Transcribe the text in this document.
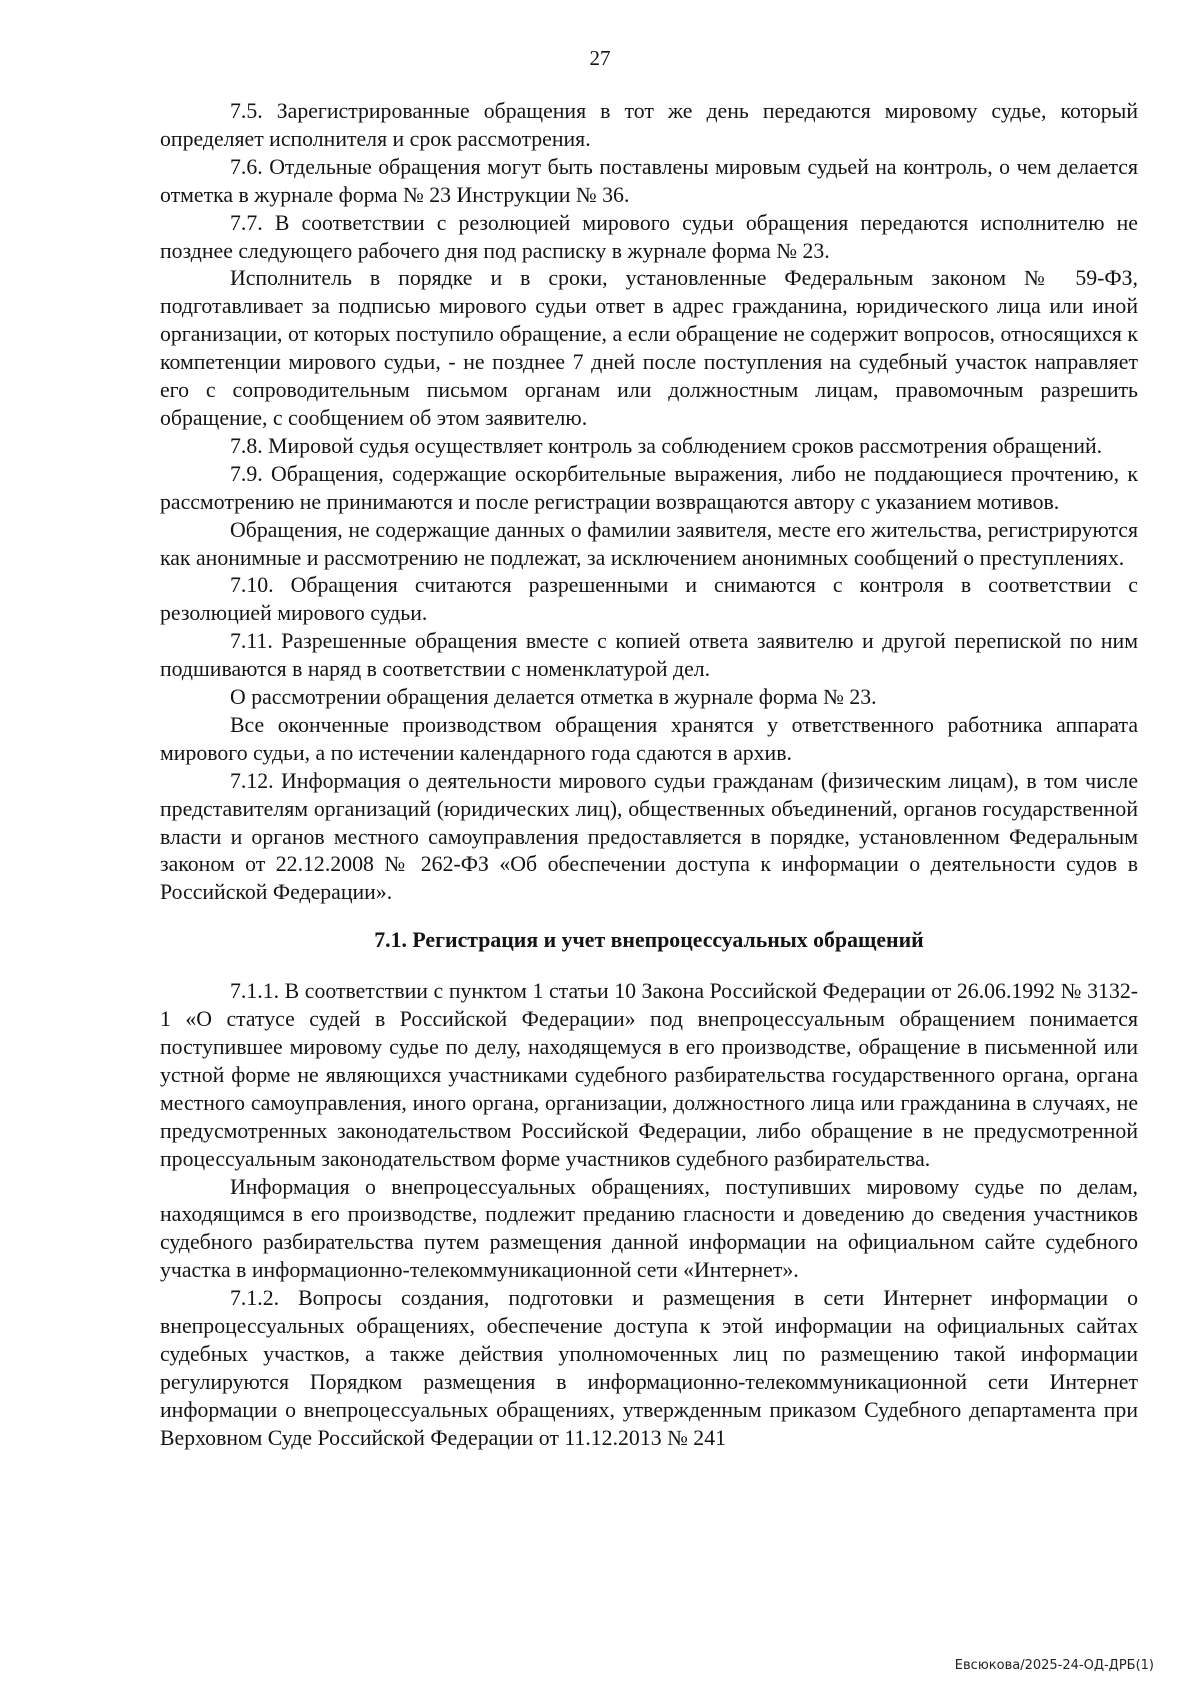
27

7.5. Зарегистрированные обращения в тот же день передаются мировому судье, который определяет исполнителя и срок рассмотрения.

7.6. Отдельные обращения могут быть поставлены мировым судьей на контроль, о чем делается отметка в журнале форма № 23 Инструкции № 36.

7.7. В соответствии с резолюцией мирового судьи обращения передаются исполнителю не позднее следующего рабочего дня под расписку в журнале форма № 23.

Исполнитель в порядке и в сроки, установленные Федеральным законом № 59-ФЗ, подготавливает за подписью мирового судьи ответ в адрес гражданина, юридического лица или иной организации, от которых поступило обращение, а если обращение не содержит вопросов, относящихся к компетенции мирового судьи, - не позднее 7 дней после поступления на судебный участок направляет его с сопроводительным письмом органам или должностным лицам, правомочным разрешить обращение, с сообщением об этом заявителю.

7.8. Мировой судья осуществляет контроль за соблюдением сроков рассмотрения обращений.

7.9. Обращения, содержащие оскорбительные выражения, либо не поддающиеся прочтению, к рассмотрению не принимаются и после регистрации возвращаются автору с указанием мотивов.

Обращения, не содержащие данных о фамилии заявителя, месте его жительства, регистрируются как анонимные и рассмотрению не подлежат, за исключением анонимных сообщений о преступлениях.

7.10. Обращения считаются разрешенными и снимаются с контроля в соответствии с резолюцией мирового судьи.

7.11. Разрешенные обращения вместе с копией ответа заявителю и другой перепиской по ним подшиваются в наряд в соответствии с номенклатурой дел.

О рассмотрении обращения делается отметка в журнале форма № 23.

Все оконченные производством обращения хранятся у ответственного работника аппарата мирового судьи, а по истечении календарного года сдаются в архив.

7.12. Информация о деятельности мирового судьи гражданам (физическим лицам), в том числе представителям организаций (юридических лиц), общественных объединений, органов государственной власти и органов местного самоуправления предоставляется в порядке, установленном Федеральным законом от 22.12.2008 № 262-ФЗ «Об обеспечении доступа к информации о деятельности судов в Российской Федерации».

7.1. Регистрация и учет внепроцессуальных обращений

7.1.1. В соответствии с пунктом 1 статьи 10 Закона Российской Федерации от 26.06.1992 № 3132-1 «О статусе судей в Российской Федерации» под внепроцессуальным обращением понимается поступившее мировому судье по делу, находящемуся в его производстве, обращение в письменной или устной форме не являющихся участниками судебного разбирательства государственного органа, органа местного самоуправления, иного органа, организации, должностного лица или гражданина в случаях, не предусмотренных законодательством Российской Федерации, либо обращение в не предусмотренной процессуальным законодательством форме участников судебного разбирательства.

Информация о внепроцессуальных обращениях, поступивших мировому судье по делам, находящимся в его производстве, подлежит преданию гласности и доведению до сведения участников судебного разбирательства путем размещения данной информации на официальном сайте судебного участка в информационно-телекоммуникационной сети «Интернет».

7.1.2. Вопросы создания, подготовки и размещения в сети Интернет информации о внепроцессуальных обращениях, обеспечение доступа к этой информации на официальных сайтах судебных участков, а также действия уполномоченных лиц по размещению такой информации регулируются Порядком размещения в информационно-телекоммуникационной сети Интернет информации о внепроцессуальных обращениях, утвержденным приказом Судебного департамента при Верховном Суде Российской Федерации от 11.12.2013 № 241

Евсюкова/2025-24-ОД-ДРБ(1)
